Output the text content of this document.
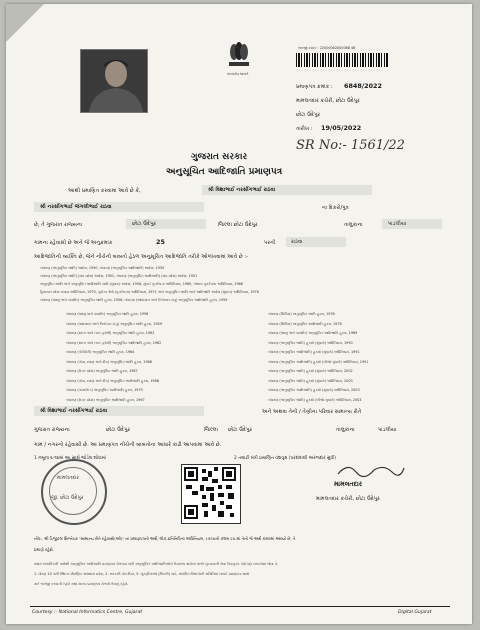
સત્યમેવ જયતે
અરજી ક્રમાંક : 22000062000068 48
પ્રમાણપત્ર ક્રમાંક : 6848/2022
મામલતદાર કચેરી, છોટા ઉદેપુર
છોટા ઉદેપુર
તારીખ : 19/05/2022
SR No:- 1561/22
ગુજરાત સરકાર
અનુસૂચિત આદિજાતિ પ્રમાણપત્ર
આથી પ્રમાણિત કરવામાં આવે છે કે,	શ્રી વિશાભાઈ નરસીંગભાઈ રાઠવા
શ્રી નરસીંગભાઈ જંગલીભાઈ રાઠવા	ના દિકરો/પુત્ર
છે, તે ગુજરાત રાજ્યના	છોટા ઉદેપુર	જિલ્લા છોટા ઉદેપુર	તાલુકાના	પાડલીયા
ગામના રહેવાસી છે અને જે અનુક્રમાંક	25	પરની	રાઠવા
આદિજાતિની વ્યક્તિ છે, જેને નીચેની બાબતો હેઠળ અનુસૂચિત આદિજાતિ તરીકે ઓળખવામાં આવે છે :-
બંધારણ (અનુસૂચિત જાતિ) આદેશ, 1950, બંધારણ (અનુસૂચિત આદિજાતિ) આદેશ, 1950
બંધારણ (અનુસૂચિત જાતિ) (સંઘ પ્રદેશ) આદેશ, 1951, બંધારણ (અનુસૂચિત આદિજાતિ) (સંઘ પ્રદેશ) આદેશ, 1951
અનુસૂચિત જાતિ અને અનુસૂચિત આદિજાતિ યાદી (સુધારા) આદેશ, 1956, મુંબઈ પુનર્રચના અધિનિયમ, 1960, પંજાબ પુનર્રચના અધિનિયમ, 1966
હિમાચલ પ્રદેશ રાજ્ય અધિનિયમ, 1970, પૂર્વોત્તર ક્ષેત્રો (પુનર્રચના) અધિનિયમ, 1971 અને અનુસૂચિત જાતિ અને આદિજાતિ આદેશ (સુધારા) અધિનિયમ, 1976
બંધારણ (જમ્મુ અને કાશ્મીર) અનુસૂચિત જાતિ હુકમ, 1956, બંધારણ (આંદામાન અને નિકોબાર ટાપુ) અનુસૂચિત આદિજાતિ હુકમ, 1959
બંધારણ (જમ્મુ અને કાશ્મીર) અનુસૂચિત જાતિ હુકમ, 1956
બંધારણ (આંદામાન અને નિકોબાર ટાપુ) અનુસૂચિત જાતિ હુકમ, 1959
બંધારણ (દાદરા અને નગર હવેલી) અનુસૂચિત જાતિ હુકમ, 1962
બંધારણ (દાદરા અને નગર હવેલી) અનુસૂચિત આદિજાતિ હુકમ, 1962
બંધારણ (પોંડીચેરી) અનુસૂચિત જાતિ હુકમ, 1964
બંધારણ (ગોવા, દમણ અને દીવ) અનુસૂચિત જાતિ હુકમ, 1968
બંધારણ (ઉત્તર પ્રદેશ) અનુસૂચિત જાતિ હુકમ, 1967
બંધારણ (ગોવા, દમણ અને દીવ) અનુસૂચિત આદિજાતિ હુકમ, 1968
બંધારણ (નાગાલેન્ડ) અનુસૂચિત આદિજાતિ હુકમ, 1970
બંધારણ (ઉત્તર પ્રદેશ) અનુસૂચિત આદિજાતિ હુકમ, 1967
બંધારણ (સિક્કિમ) અનુસૂચિત જાતિ હુકમ, 1978
બંધારણ (સિક્કિમ) અનુસૂચિત આદિજાતિ હુકમ, 1978
બંધારણ (જમ્મુ અને કાશ્મીર) અનુસૂચિત આદિજાતિ હુકમ, 1989
બંધારણ (અનુસૂચિત જાતિ) હુકમો (સુધારો) અધિનિયમ, 1990
બંધારણ (અનુસૂચિત આદિજાતિ) હુકમો (સુધારો) અધિનિયમ, 1991
બંધારણ (અનુસૂચિત આદિજાતિ) હુકમો (બીજો સુધારો) અધિનિયમ, 1991
બંધારણ (અનુસૂચિત જાતિ) હુકમો (સુધારો) અધિનિયમ, 2002
બંધારણ (અનુસૂચિત જાતિ) હુકમો (સુધારો) અધિનિયમ, 2003
બંધારણ (અનુસૂચિત આદિજાતિ) હુકમો (સુધારો) અધિનિયમ, 2003
બંધારણ (અનુસૂચિત જાતિ) હુકમો (બીજો સુધારો) અધિનિયમ, 2003
શ્રી વિશાભાઈ નરસીંગભાઈ રાઠવા	અને અથવા તેની / તેણીના પરિવાર સામાન્ય રીતે
ગુજરાત રાજ્યના	છોટા ઉદેપુર	જિલ્લા છોટા ઉદેપુર	તાલુકાના	પાડલીયા
ગામ / નગરનો રહેવાસી છે. આ પ્રમાણપત્ર નીચેની બાબતોના આધારે કાઢી આપવામાં આવે છે.
1 નમૂના ૬-૧૪માં આ સાથે જોડેલ શોધામાં	2 તલાટી મંત્રી પ્રમાણિત વંશવૃક્ષ (પરદાદાથી અરજદાર સુધી)
મામલતદાર
જી. છોટા ઉદેપુર
મામલતદાર
મામલતદાર કચેરી, છોટા ઉદેપુર
નોંધ:- શ્રી ડિજીટલ સિગ્નેચર "સામાન્ય રીતે રહેવાસી(ઓ)" ના પ્રમાણપત્રનો અર્થ, લોક-પ્રતિનિધિત્વ અધિનિયમ, 1950ની કલમ 20-માં તેનો જે અર્થ કરવામાં આવ્યો છે, તે
પ્રમાણે રહેશે.
સક્ષમ સત્તાધિકારી પાસેથી અનુસૂચિત આદિજાતિ પ્રમાણપત્ર મેળવવા પછી અનુસૂચિત આદિજાતિઓને ઉપલબ્ધ થયેલા લાભો ચુકવવાની સેવા ઉપયુક્ત કોઈપણ બાબતોમાં જેવા કે,
1. ધોરણ 10 પછી સ્થિત્ય શૈક્ષણિક સંસ્થામાં પ્રવેશ, 2. સરકારી નોકરીમાં, 3. ચૂંટણીમાંઓ (ભિરારી) માટે, સંબંધિત વિભાગોની સમિતિમાં ખરાઈ પ્રમાણપત્ર સાથે
મારે અરજી કરવાની રહેશે તથા માન્ય પ્રમાણપત્ર મેળવી લેવાનું રહેશે.
Courtesy :- National Informatics Centre, Gujarat	Digital Gujarat
